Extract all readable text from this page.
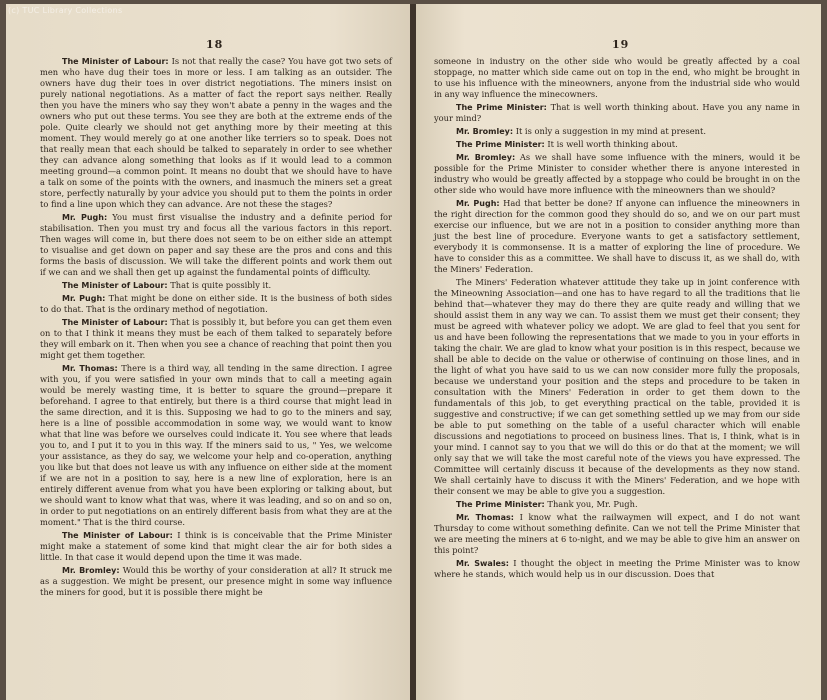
(c) TUC Library Collections
18

The Minister of Labour: Is not that really the case? You have got two sets of men who have dug their toes in more or less. I am talking as an outsider. The owners have dug their toes in over district negotiations. The miners insist on purely national negotiations. As a matter of fact the report says neither. Really then you have the miners who say they won't abate a penny in the wages and the owners who put out these terms. You see they are both at the extreme ends of the pole. Quite clearly we should not get anything more by their meeting at this moment. They would merely go at one another like terriers so to speak. Does not that really mean that each should be talked to separately in order to see whether they can advance along something that looks as if it would lead to a common meeting ground—a common point. It means no doubt that we should have to have a talk on some of the points with the owners, and inasmuch the miners set a great store, perfectly naturally by your advice you should put to them the points in order to find a line upon which they can advance. Are not these the stages?

Mr. Pugh: You must first visualise the industry and a definite period for stabilisation. Then you must try and focus all the various factors in this report. Then wages will come in, but there does not seem to be on either side an attempt to visualise and get down on paper and say these are the pros and cons and this forms the basis of discussion. We will take the different points and work them out if we can and we shall then get up against the fundamental points of difficulty.

The Minister of Labour: That is quite possibly it.

Mr. Pugh: That might be done on either side. It is the business of both sides to do that. That is the ordinary method of negotiation.

The Minister of Labour: That is possibly it, but before you can get them even on to that I think it means they must be each of them talked to separately before they will embark on it. Then when you see a chance of reaching that point then you might get them together.

Mr. Thomas: There is a third way, all tending in the same direction. I agree with you, if you were satisfied in your own minds that to call a meeting again would be merely wasting time, it is better to square the ground—prepare it beforehand. I agree to that entirely, but there is a third course that might lead in the same direction, and it is this. Supposing we had to go to the miners and say, here is a line of possible accommodation in some way, we would want to know what that line was before we ourselves could indicate it. You see where that leads you to, and I put it to you in this way. If the miners said to us, " Yes, we welcome your assistance, as they do say, we welcome your help and co-operation, anything you like but that does not leave us with any influence on either side at the moment if we are not in a position to say, here is a new line of exploration, here is an entirely different avenue from what you have been exploring or talking about, but we should want to know what that was, where it was leading, and so on and so on, in order to put negotiations on an entirely different basis from what they are at the moment." That is the third course.

The Minister of Labour: I think is is conceivable that the Prime Minister might make a statement of some kind that might clear the air for both sides a little. In that case it would depend upon the time it was made.

Mr. Bromley: Would this be worthy of your consideration at all? It struck me as a suggestion. We might be present, our presence might in some way influence the miners for good, but it is possible there might be

19

someone in industry on the other side who would be greatly affected by a coal stoppage, no matter which side came out on top in the end, who might be brought in to use his influence with the mineowners, anyone from the industrial side who would in any way influence the minecowners.

The Prime Minister: That is well worth thinking about. Have you any name in your mind?

Mr. Bromley: It is only a suggestion in my mind at present.

The Prime Minister: It is well worth thinking about.

Mr. Bromley: As we shall have some influence with the miners, would it be possible for the Prime Minister to consider whether there is anyone interested in industry who would be greatly affected by a stoppage who could be brought in on the other side who would have more influence with the mineowners than we should?

Mr. Pugh: Had that better be done? If anyone can influence the mineowners in the right direction for the common good they should do so, and we on our part must exercise our influence, but we are not in a position to consider anything more than just the best line of procedure. Everyone wants to get a satisfactory settlement, everybody it is commonsense. It is a matter of exploring the line of procedure. We have to consider this as a committee. We shall have to discuss it, as we shall do, with the Miners' Federation.

The Miners' Federation whatever attitude they take up in joint conference with the Mineowning Association—and one has to have regard to all the traditions that lie behind that—whatever they may do there they are quite ready and willing that we should assist them in any way we can. To assist them we must get their consent; they must be agreed with whatever policy we adopt. We are glad to feel that you sent for us and have been following the representations that we made to you in your efforts in taking the chair. We are glad to know what your position is in this respect, because we shall be able to decide on the value or otherwise of continuing on those lines, and in the light of what you have said to us we can now consider more fully the proposals, because we understand your position and the steps and procedure to be taken in consultation with the Miners' Federation in order to get them down to the fundamentals of this job, to get everything practical on the table, provided it is suggestive and constructive; if we can get something settled up we may from our side be able to put something on the table of a useful character which will enable discussions and negotiations to proceed on business lines. That is, I think, what is in your mind. I cannot say to you that we will do this or do that at the moment; we will only say that we will take the most careful note of the views you have expressed. The Committee will certainly discuss it because of the developments as they now stand. We shall certainly have to discuss it with the Miners' Federation, and we hope with their consent we may be able to give you a suggestion.

The Prime Minister: Thank you, Mr. Pugh.

Mr. Thomas: I know what the railwaymen will expect, and I do not want Thursday to come without something definite. Can we not tell the Prime Minister that we are meeting the miners at 6 to-night, and we may be able to give him an answer on this point?

Mr. Swales: I thought the object in meeting the Prime Minister was to know where he stands, which would help us in our discussion. Does that
